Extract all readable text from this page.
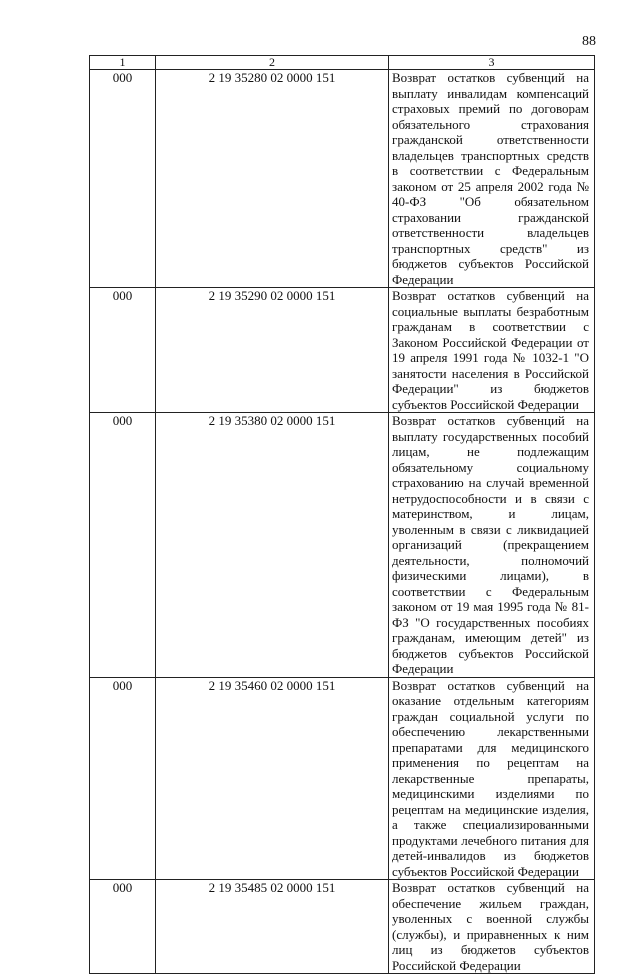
88
1	2	3
000	2 19 35280 02 0000 151	Возврат остатков субвенций на выплату инвалидам компенсаций страховых премий по договорам обязательного страхования гражданской ответственности владельцев транспортных средств в соответствии с Федеральным законом от 25 апреля 2002 года № 40-ФЗ "Об обязательном страховании гражданской ответственности владельцев транспортных средств" из бюджетов субъектов Российской Федерации
000	2 19 35290 02 0000 151	Возврат остатков субвенций на социальные выплаты безработным гражданам в соответствии с Законом Российской Федерации от 19 апреля 1991 года № 1032-1 "О занятости населения в Российской Федерации" из бюджетов субъектов Российской Федерации
000	2 19 35380 02 0000 151	Возврат остатков субвенций на выплату государственных пособий лицам, не подлежащим обязательному социальному страхованию на случай временной нетрудоспособности и в связи с материнством, и лицам, уволенным в связи с ликвидацией организаций (прекращением деятельности, полномочий физическими лицами), в соответствии с Федеральным законом от 19 мая 1995 года № 81-ФЗ "О государственных пособиях гражданам, имеющим детей" из бюджетов субъектов Российской Федерации
000	2 19 35460 02 0000 151	Возврат остатков субвенций на оказание отдельным категориям граждан социальной услуги по обеспечению лекарственными препаратами для медицинского применения по рецептам на лекарственные препараты, медицинскими изделиями по рецептам на медицинские изделия, а также специализированными продуктами лечебного питания для детей-инвалидов из бюджетов субъектов Российской Федерации
000	2 19 35485 02 0000 151	Возврат остатков субвенций на обеспечение жильем граждан, уволенных с военной службы (службы), и приравненных к ним лиц из бюджетов субъектов Российской Федерации
